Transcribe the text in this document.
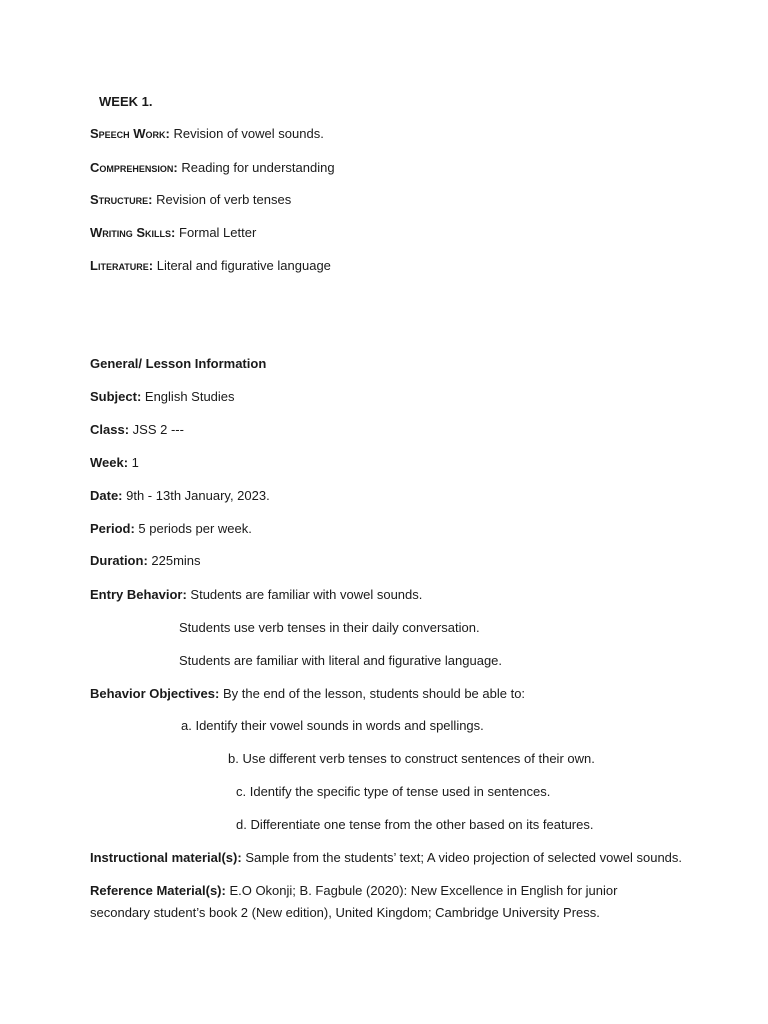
WEEK 1.
Speech Work: Revision of vowel sounds.
Comprehension: Reading for understanding
Structure: Revision of verb tenses
Writing Skills: Formal Letter
Literature: Literal and figurative language
General/ Lesson Information
Subject: English Studies
Class: JSS 2 ---
Week: 1
Date: 9th - 13th January, 2023.
Period: 5 periods per week.
Duration: 225mins
Entry Behavior: Students are familiar with vowel sounds.
Students use verb tenses in their daily conversation.
Students are familiar with literal and figurative language.
Behavior Objectives: By the end of the lesson, students should be able to:
a. Identify their vowel sounds in words and spellings.
b. Use different verb tenses to construct sentences of their own.
c. Identify the specific type of tense used in sentences.
d. Differentiate one tense from the other based on its features.
Instructional material(s): Sample from the students’ text; A video projection of selected vowel sounds.
Reference Material(s): E.O Okonji; B. Fagbule (2020): New Excellence in English for junior secondary student’s book 2 (New edition), United Kingdom; Cambridge University Press.
